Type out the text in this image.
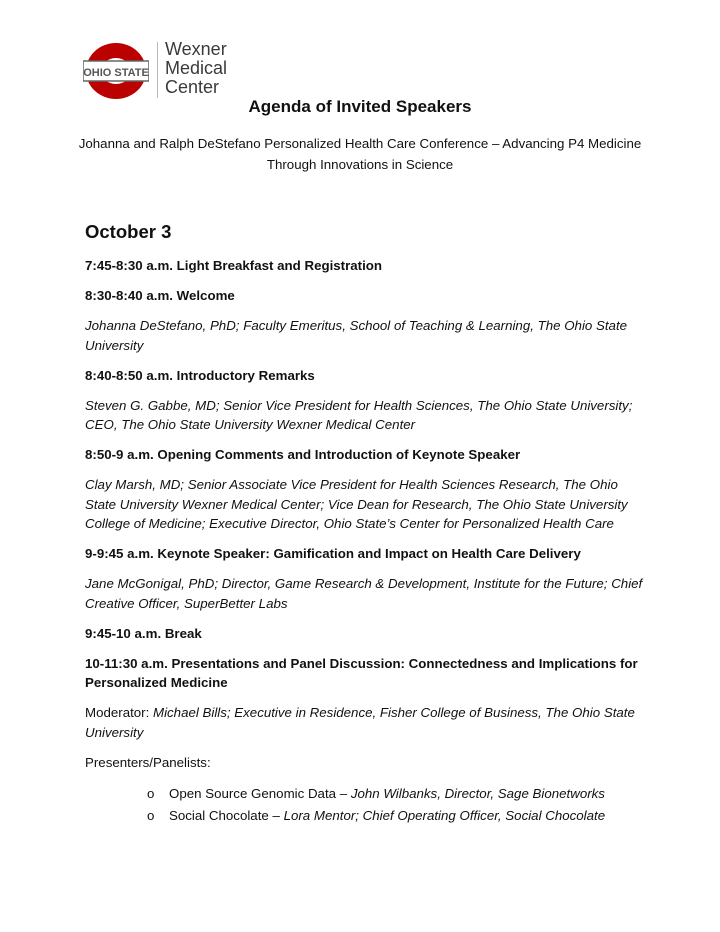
OHIO STATE
Wexner
Medical
Center
Agenda of Invited Speakers
Johanna and Ralph DeStefano Personalized Health Care Conference – Advancing P4 Medicine Through Innovations in Science
October 3
7:45-8:30 a.m. Light Breakfast and Registration
8:30-8:40 a.m. Welcome
Johanna DeStefano, PhD; Faculty Emeritus, School of Teaching & Learning, The Ohio State University
8:40-8:50 a.m. Introductory Remarks
Steven G. Gabbe, MD; Senior Vice President for Health Sciences, The Ohio State University; CEO, The Ohio State University Wexner Medical Center
8:50-9 a.m. Opening Comments and Introduction of Keynote Speaker
Clay Marsh, MD; Senior Associate Vice President for Health Sciences Research, The Ohio State University Wexner Medical Center; Vice Dean for Research, The Ohio State University College of Medicine; Executive Director, Ohio State’s Center for Personalized Health Care
9-9:45 a.m. Keynote Speaker: Gamification and Impact on Health Care Delivery
Jane McGonigal, PhD; Director, Game Research & Development, Institute for the Future; Chief Creative Officer, SuperBetter Labs
9:45-10 a.m. Break
10-11:30 a.m. Presentations and Panel Discussion: Connectedness and Implications for Personalized Medicine
Moderator: Michael Bills; Executive in Residence, Fisher College of Business, The Ohio State University
Presenters/Panelists:
o Open Source Genomic Data – John Wilbanks, Director, Sage Bionetworks
o Social Chocolate – Lora Mentor; Chief Operating Officer, Social Chocolate
